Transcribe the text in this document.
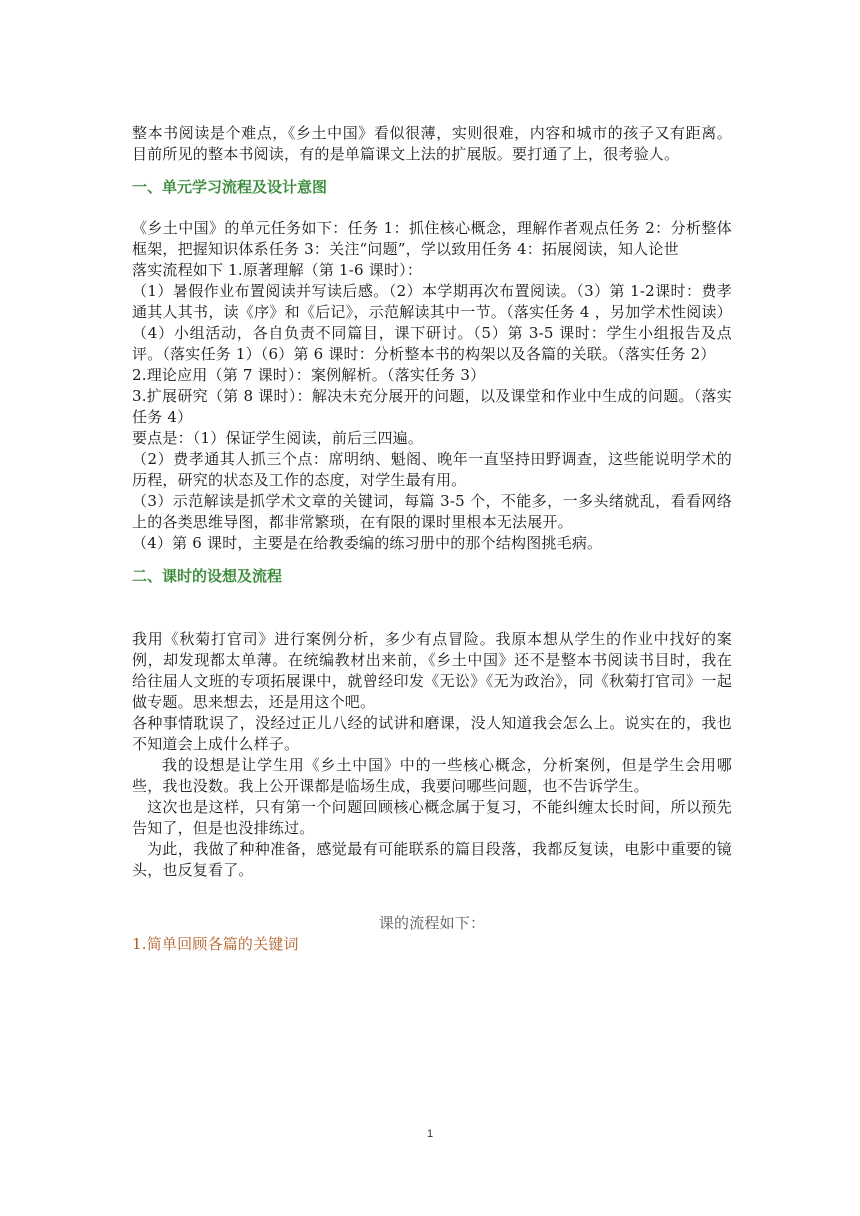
整本书阅读是个难点，《乡土中国》看似很薄，实则很难，内容和城市的孩子又有距离。目前所见的整本书阅读，有的是单篇课文上法的扩展版。要打通了上，很考验人。

一、单元学习流程及设计意图

《乡土中国》的单元任务如下：任务 1：抓住核心概念，理解作者观点任务 2：分析整体框架，把握知识体系任务 3：关注“问题”，学以致用任务 4：拓展阅读，知人论世

落实流程如下 1.原著理解（第 1-6 课时）：

（1）暑假作业布置阅读并写读后感。（2）本学期再次布置阅读。（3）第 1-2课时：费孝通其人其书，读《序》和《后记》，示范解读其中一节。（落实任务 4 ，另加学术性阅读）（4）小组活动，各自负责不同篇目，课下研讨。（5）第 3-5 课时：学生小组报告及点评。（落实任务 1）（6）第 6 课时：分析整本书的构架以及各篇的关联。（落实任务 2）

2.理论应用（第 7 课时）：案例解析。（落实任务 3）

3.扩展研究（第 8 课时）：解决未充分展开的问题，以及课堂和作业中生成的问题。（落实任务 4）

要点是：（1）保证学生阅读，前后三四遍。

（2）费孝通其人抓三个点：席明纳、魁阁、晚年一直坚持田野调查，这些能说明学术的历程，研究的状态及工作的态度，对学生最有用。

（3）示范解读是抓学术文章的关键词，每篇 3-5 个，不能多，一多头绪就乱，看看网络上的各类思维导图，都非常繁琐，在有限的课时里根本无法展开。

（4）第 6 课时，主要是在给教委编的练习册中的那个结构图挑毛病。

二、课时的设想及流程

我用《秋菊打官司》进行案例分析，多少有点冒险。我原本想从学生的作业中找好的案例，却发现都太单薄。在统编教材出来前，《乡土中国》还不是整本书阅读书目时，我在给往届人文班的专项拓展课中，就曾经印发《无讼》《无为政治》，同《秋菊打官司》一起做专题。思来想去，还是用这个吧。

各种事情耽误了，没经过正儿八经的试讲和磨课，没人知道我会怎么上。说实在的，我也不知道会上成什么样子。

我的设想是让学生用《乡土中国》中的一些核心概念，分析案例，但是学生会用哪些，我也没数。我上公开课都是临场生成，我要问哪些问题，也不告诉学生。

这次也是这样，只有第一个问题回顾核心概念属于复习，不能纠缠太长时间，所以预先告知了，但是也没排练过。

为此，我做了种种准备，感觉最有可能联系的篇目段落，我都反复读，电影中重要的镜头，也反复看了。

课的流程如下：

1.简单回顾各篇的关键词

1
